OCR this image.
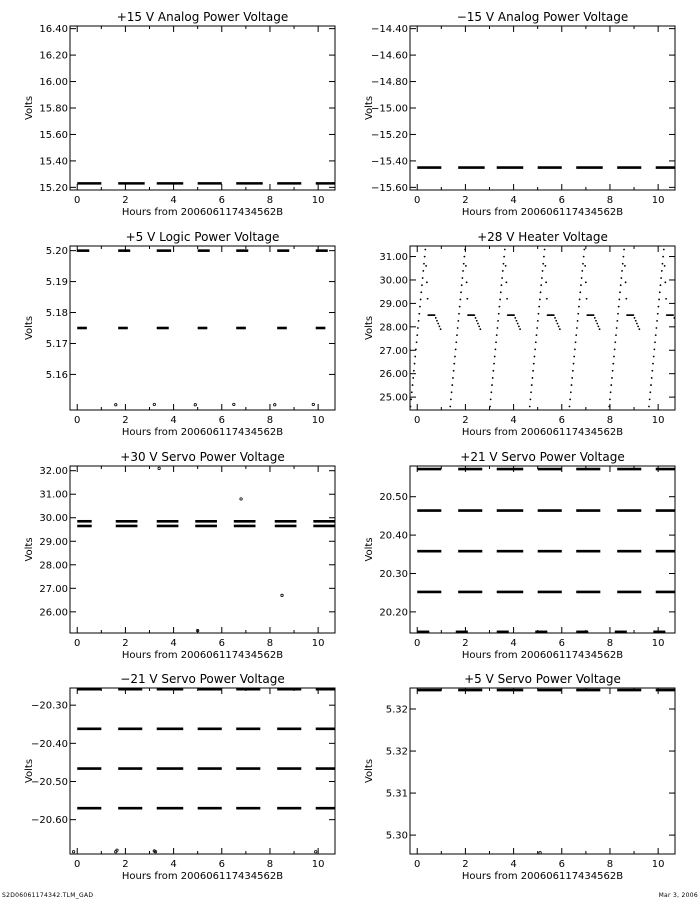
+15 V Analog Power Voltage
0	2	4	6	8	10
15.20
15.40
15.60
15.80
16.00
16.20
16.40
Hours from 200606117434562B
Volts
−15 V Analog Power Voltage
0	2	4	6	8	10
−15.60
−15.40
−15.20
−15.00
−14.80
−14.60
−14.40
Hours from 200606117434562B
Volts
+5 V Logic Power Voltage
0	2	4	6	8	10
5.16
5.17
5.18
5.19
5.20
Hours from 200606117434562B
Volts
+28 V Heater Voltage
0	2	4	6	8	10
25.00
26.00
27.00
28.00
29.00
30.00
31.00
Hours from 200606117434562B
Volts
+30 V Servo Power Voltage
0	2	4	6	8	10
26.00
27.00
28.00
29.00
30.00
31.00
32.00
Hours from 200606117434562B
Volts
+21 V Servo Power Voltage
0	2	4	6	8	10
20.20
20.30
20.40
20.50
Hours from 200606117434562B
Volts
−21 V Servo Power Voltage
0	2	4	6	8	10
−20.60
−20.50
−20.40
−20.30
Hours from 200606117434562B
Volts
+5 V Servo Power Voltage
0	2	4	6	8	10
5.30
5.31
5.32
5.32
Hours from 200606117434562B
Volts
S2D06061174342.TLM_GAD	Mar 3, 2006
